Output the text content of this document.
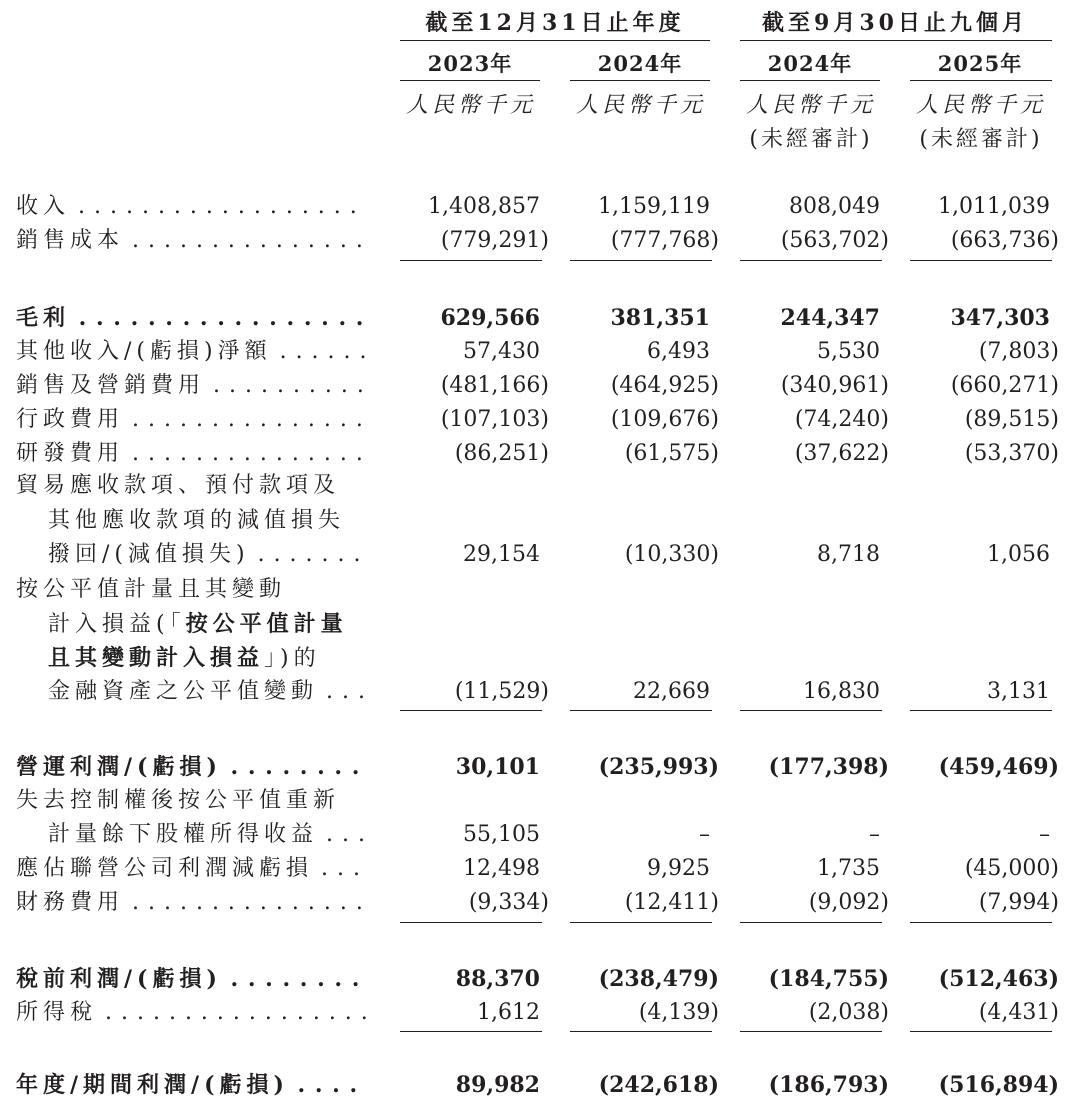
截至12月31日止年度	截至9月30日止九個月
2023年	2024年	2024年	2025年
人民幣千元	人民幣千元	人民幣千元	人民幣千元
(未經審計)	(未經審計)
收入 . . .	1,408,857	1,159,119	808,049	1,011,039
銷售成本 . . .	(779,291)	(777,768)	(563,702)	(663,736)
毛利 . . .	629,566	381,351	244,347	347,303
其他收入/(虧損)淨額 . . .	57,430	6,493	5,530	(7,803)
銷售及營銷費用 . . .	(481,166)	(464,925)	(340,961)	(660,271)
行政費用 . . .	(107,103)	(109,676)	(74,240)	(89,515)
研發費用 . . .	(86,251)	(61,575)	(37,622)	(53,370)
貿易應收款項、預付款項及
其他應收款項的減值損失
撥回/(減值損失) . . .	29,154	(10,330)	8,718	1,056
按公平值計量且其變動
計入損益(「按公平值計量
且其變動計入損益」)的
金融資產之公平值變動 . . .	(11,529)	22,669	16,830	3,131
營運利潤/(虧損) . . .	30,101	(235,993)	(177,398)	(459,469)
失去控制權後按公平值重新
計量餘下股權所得收益 . . .	55,105	–	–	–
應佔聯營公司利潤減虧損 . . .	12,498	9,925	1,735	(45,000)
財務費用 . . .	(9,334)	(12,411)	(9,092)	(7,994)
稅前利潤/(虧損) . . .	88,370	(238,479)	(184,755)	(512,463)
所得稅 . . .	1,612	(4,139)	(2,038)	(4,431)
年度/期間利潤/(虧損) . . .	89,982	(242,618)	(186,793)	(516,894)
